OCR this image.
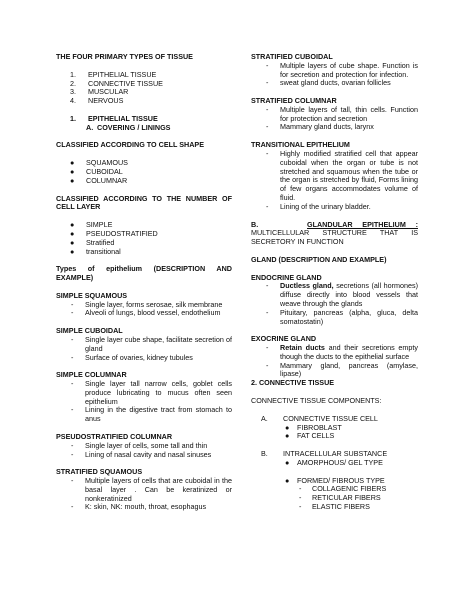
THE FOUR PRIMARY TYPES OF TISSUE

1. EPITHELIAL TISSUE
2. CONNECTIVE TISSUE
3. MUSCULAR
4. NERVOUS
1. EPITHELIAL TISSUE
A. COVERING / LININGS

CLASSIFIED ACCORDING TO CELL SHAPE

● SQUAMOUS
● CUBOIDAL
● COLUMNAR

CLASSIFIED ACCORDING TO THE NUMBER OF CELL LAYER

● SIMPLE
● PSEUDOSTRATIFIED
● Stratified
● transitional

Types of epithelium (DESCRIPTION AND EXAMPLE)

SIMPLE SQUAMOUS

- Single layer, forms serosae, silk membrane
- Alveoli of lungs, blood vessel, endothelium

SIMPLE CUBOIDAL

- Single layer cube shape, facilitate secretion of gland
- Surface of ovaries, kidney tubules

SIMPLE COLUMNAR

- Single layer tall narrow cells, goblet cells produce lubricating to mucus often seen epithelium
- Lining in the digestive tract from stomach to anus

PSEUDOSTRATIFIED COLUMNAR

- Single layer of cells, some tall and thin
- Lining of nasal cavity and nasal sinuses

STRATIFIED SQUAMOUS

- Multiple layers of cells that are cuboidal in the basal layer . Can be keratinized or nonkeratinized
- K: skin, NK: mouth, throat, esophagus

STRATIFIED CUBOIDAL

- Multiple layers of cube shape. Function is for secretion and protection for infection.
- sweat gland ducts, ovarian follicles

STRATIFIED COLUMNAR

- Multiple layers of tall, thin cells. Function for protection and secretion
- Mammary gland ducts, larynx

TRANSITIONAL EPITHELIUM

- Highly modified stratified cell that appear cuboidal when the organ or tube is not stretched and squamous when the tube or the organ is stretched by fluid, Forms lining of few organs accommodates volume of fluid.
- Lining of the urinary bladder.

B.	GLANDULAR EPITHELIUM : MULTICELLULAR STRUCTURE THAT IS SECRETORY IN FUNCTION

GLAND (DESCRIPTION AND EXAMPLE)

ENDOCRINE GLAND

- Ductless gland, secretions (all hormones) diffuse directly into blood vessels that weave through the glands
- Pituitary, pancreas (alpha, gluca, delta somatostatin)

EXOCRINE GLAND

- Retain ducts and their secretions empty though the ducts to the epithelial surface
- Mammary gland, pancreas (amylase, lipase)

2. CONNECTIVE TISSUE

CONNECTIVE TISSUE COMPONENTS:

A. CONNECTIVE TISSUE CELL
● FIBROBLAST
● FAT CELLS
B. INTRACELLULAR SUBSTANCE
● AMORPHOUS/ GEL TYPE
● FORMED/ FIBROUS TYPE
- COLLAGENIC FIBERS
- RETICULAR FIBERS
- ELASTIC FIBERS
